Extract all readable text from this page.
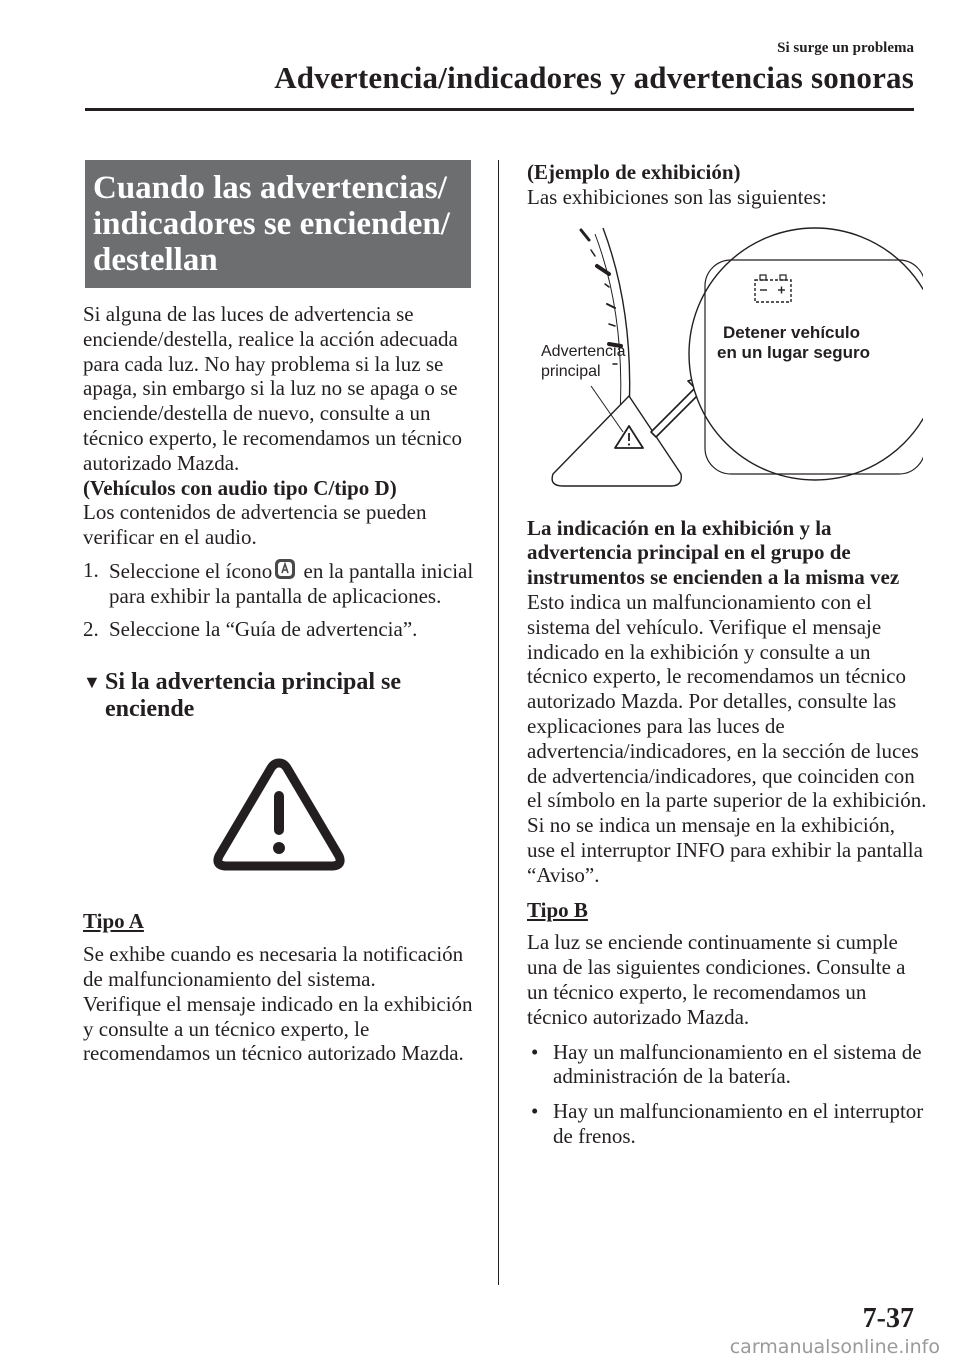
Si surge un problema
Advertencia/indicadores y advertencias sonoras
Cuando las advertencias/ indicadores se encienden/ destellan

Si alguna de las luces de advertencia se enciende/destella, realice la acción adecuada para cada luz. No hay problema si la luz se apaga, sin embargo si la luz no se apaga o se enciende/destella de nuevo, consulte a un técnico experto, le recomendamos un técnico autorizado Mazda.

(Vehículos con audio tipo C/tipo D)

Los contenidos de advertencia se pueden verificar en el audio.

1. Seleccione el ícono en la pantalla inicial para exhibir la pantalla de aplicaciones.
2. Seleccione la “Guía de advertencia”.
▼ Si la advertencia principal se enciende

Tipo A

Se exhibe cuando es necesaria la notificación de malfuncionamiento del sistema.

Verifique el mensaje indicado en la exhibición y consulte a un técnico experto, le recomendamos un técnico autorizado Mazda.

(Ejemplo de exhibición)

Las exhibiciones son las siguientes:

Advertencia
principal
Detener vehículo
en un lugar seguro

La indicación en la exhibición y la advertencia principal en el grupo de instrumentos se encienden a la misma vez

Esto indica un malfuncionamiento con el sistema del vehículo. Verifique el mensaje indicado en la exhibición y consulte a un técnico experto, le recomendamos un técnico autorizado Mazda. Por detalles, consulte las explicaciones para las luces de advertencia/indicadores, en la sección de luces de advertencia/indicadores, que coinciden con el símbolo en la parte superior de la exhibición. Si no se indica un mensaje en la exhibición, use el interruptor INFO para exhibir la pantalla “Aviso”.

Tipo B

La luz se enciende continuamente si cumple una de las siguientes condiciones. Consulte a un técnico experto, le recomendamos un técnico autorizado Mazda.

• Hay un malfuncionamiento en el sistema de administración de la batería.
• Hay un malfuncionamiento en el interruptor de frenos.
7-37
carmanualsonline.info
